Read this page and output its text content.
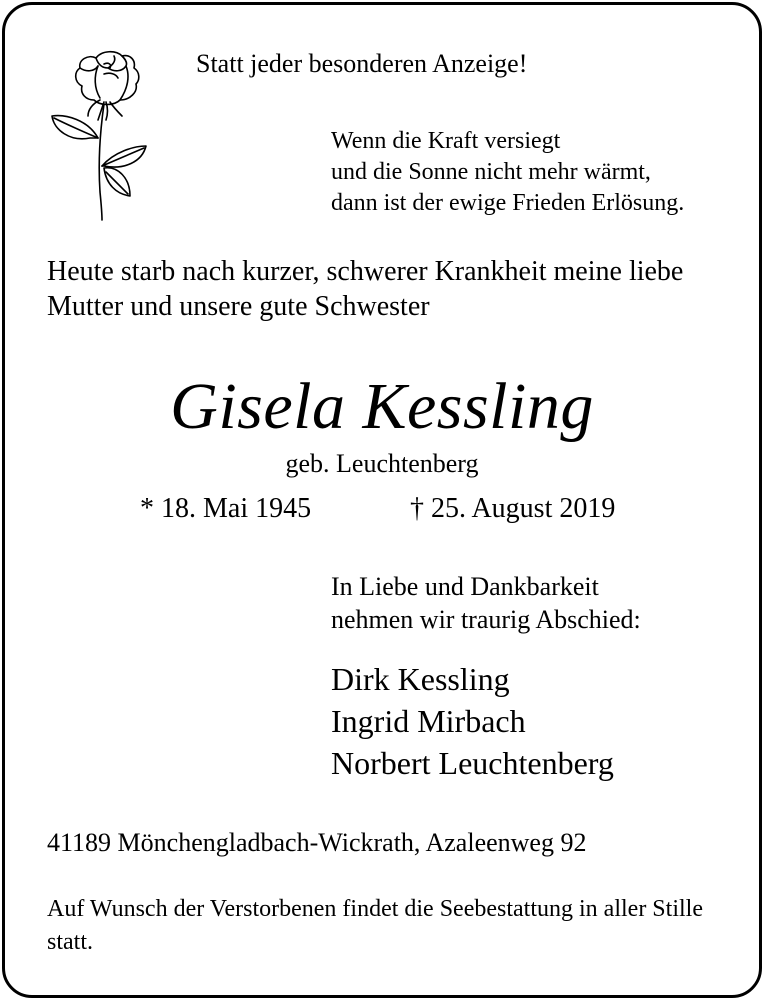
Statt jeder besonderen Anzeige!
Wenn die Kraft versiegt
und die Sonne nicht mehr wärmt,
dann ist der ewige Frieden Erlösung.
Heute starb nach kurzer, schwerer Krankheit meine liebe
Mutter und unsere gute Schwester
Gisela Kessling
geb. Leuchtenberg
* 18. Mai 1945	† 25. August 2019
In Liebe und Dankbarkeit
nehmen wir traurig Abschied:
Dirk Kessling
Ingrid Mirbach
Norbert Leuchtenberg
41189 Mönchengladbach-Wickrath, Azaleenweg 92
Auf Wunsch der Verstorbenen findet die Seebestattung in aller Stille statt.
